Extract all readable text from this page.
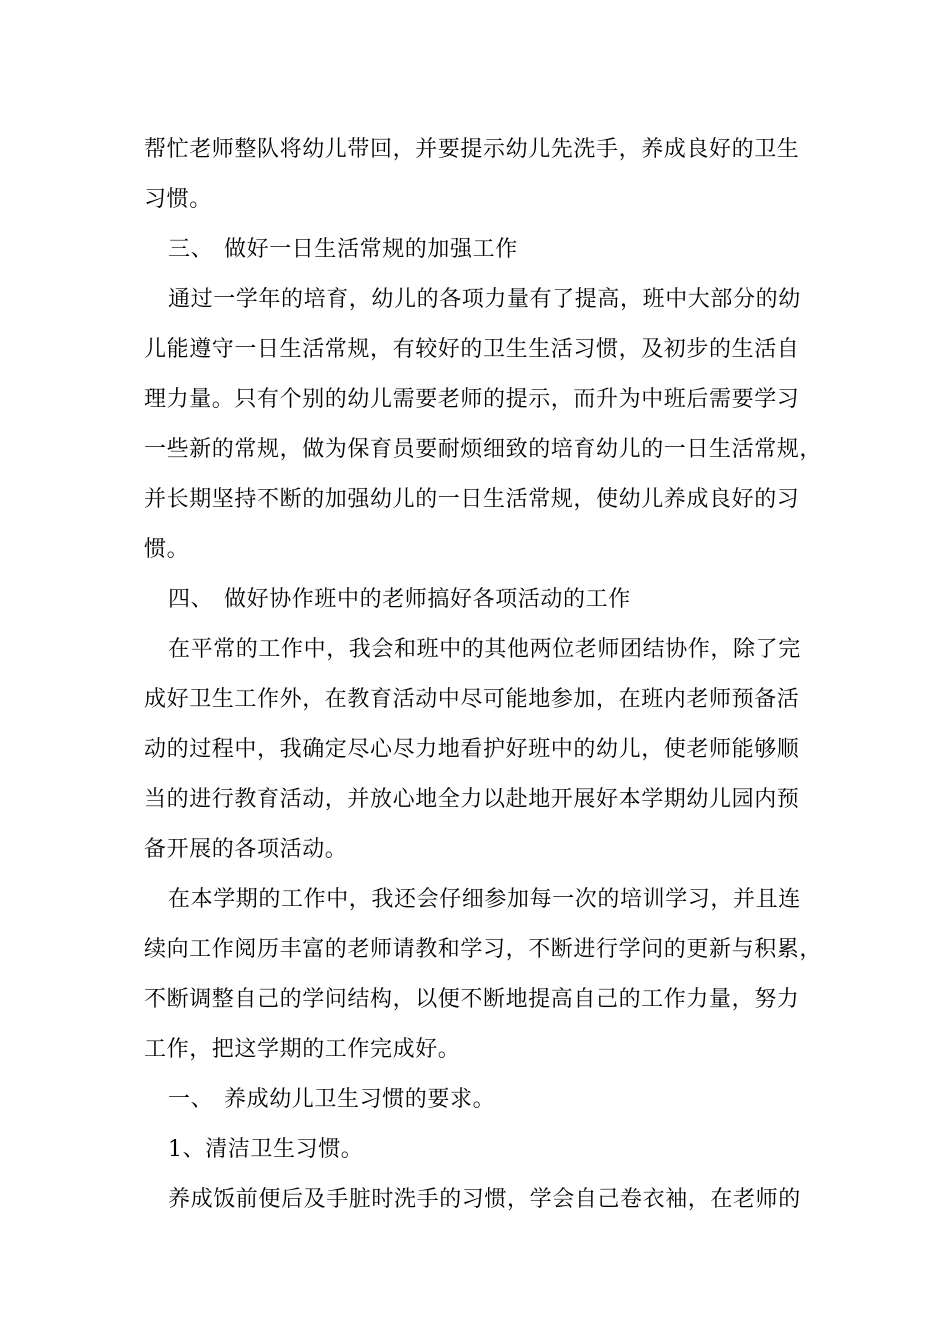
帮忙老师整队将幼儿带回，并要提示幼儿先洗手，养成良好的卫生
习惯。
三、 做好一日生活常规的加强工作
通过一学年的培育，幼儿的各项力量有了提高，班中大部分的幼
儿能遵守一日生活常规，有较好的卫生生活习惯，及初步的生活自
理力量。只有个别的幼儿需要老师的提示，而升为中班后需要学习
一些新的常规，做为保育员要耐烦细致的培育幼儿的一日生活常规，
并长期坚持不断的加强幼儿的一日生活常规，使幼儿养成良好的习
惯。
四、 做好协作班中的老师搞好各项活动的工作
在平常的工作中，我会和班中的其他两位老师团结协作，除了完
成好卫生工作外，在教育活动中尽可能地参加，在班内老师预备活
动的过程中，我确定尽心尽力地看护好班中的幼儿，使老师能够顺
当的进行教育活动，并放心地全力以赴地开展好本学期幼儿园内预
备开展的各项活动。
在本学期的工作中，我还会仔细参加每一次的培训学习，并且连
续向工作阅历丰富的老师请教和学习，不断进行学问的更新与积累，
不断调整自己的学问结构，以便不断地提高自己的工作力量，努力
工作，把这学期的工作完成好。
一、 养成幼儿卫生习惯的要求。
1、清洁卫生习惯。
养成饭前便后及手脏时洗手的习惯，学会自己卷衣袖，在老师的
